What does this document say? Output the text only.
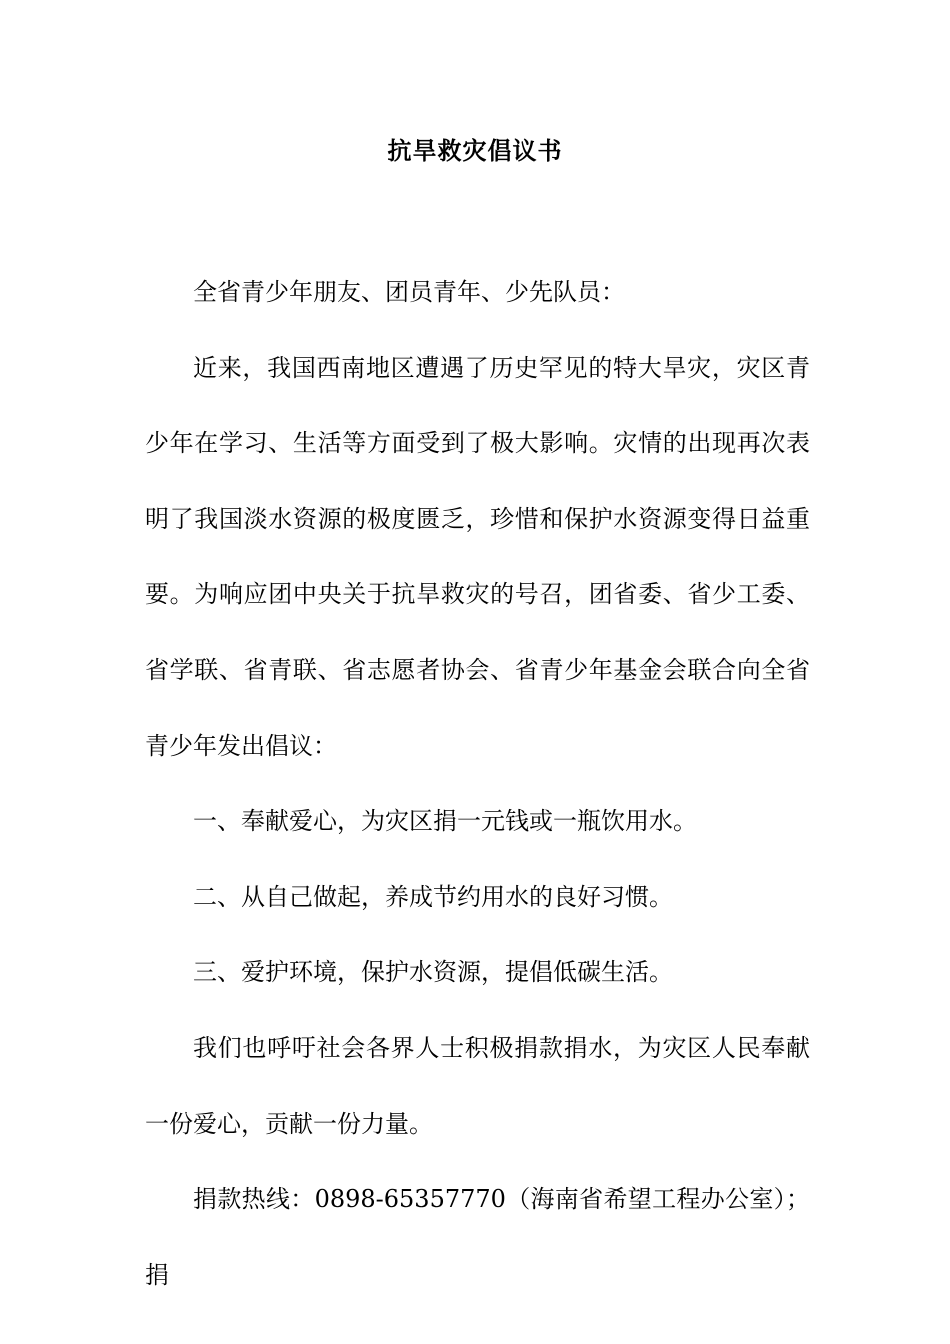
抗旱救灾倡议书

全省青少年朋友、团员青年、少先队员：

近来，我国西南地区遭遇了历史罕见的特大旱灾，灾区青少年在学习、生活等方面受到了极大影响。灾情的出现再次表明了我国淡水资源的极度匮乏，珍惜和保护水资源变得日益重要。为响应团中央关于抗旱救灾的号召，团省委、省少工委、省学联、省青联、省志愿者协会、省青少年基金会联合向全省青少年发出倡议：

一、奉献爱心，为灾区捐一元钱或一瓶饮用水。

二、从自己做起，养成节约用水的良好习惯。

三、爱护环境，保护水资源，提倡低碳生活。

我们也呼吁社会各界人士积极捐款捐水，为灾区人民奉献一份爱心，贡献一份力量。

捐款热线：0898-65357770（海南省希望工程办公室）；捐
